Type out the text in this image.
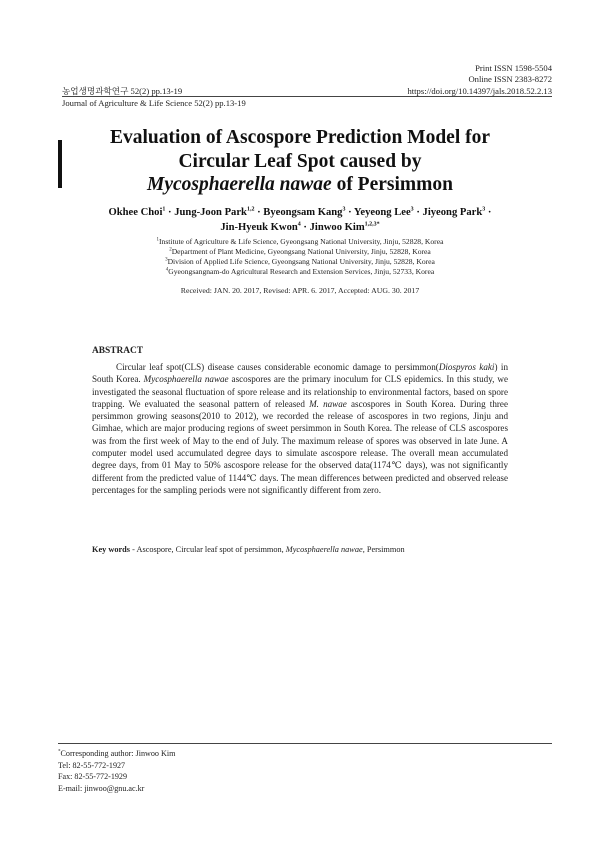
Print ISSN 1598-5504
Online ISSN 2383-8272
농업생명과학연구 52(2) pp.13-19	https://doi.org/10.14397/jals.2018.52.2.13
Journal of Agriculture & Life Science 52(2) pp.13-19
Evaluation of Ascospore Prediction Model for
Circular Leaf Spot caused by
Mycosphaerella nawae of Persimmon
Okhee Choi$^1$ · Jung-Joon Park$^{1,2}$ · Byeongsam Kang$^3$ · Yeyeong Lee$^3$ · Jiyeong Park$^3$ ·
Jin-Hyeuk Kwon$^4$ · Jinwoo Kim$^{1,2,3*}$
$^1$Institute of Agriculture & Life Science, Gyeongsang National University, Jinju, 52828, Korea
$^2$Department of Plant Medicine, Gyeongsang National University, Jinju, 52828, Korea
$^3$Division of Applied Life Science, Gyeongsang National University, Jinju, 52828, Korea
$^4$Gyeongsangnam-do Agricultural Research and Extension Services, Jinju, 52733, Korea
Received: JAN. 20. 2017, Revised: APR. 6. 2017, Accepted: AUG. 30. 2017
ABSTRACT
Circular leaf spot(CLS) disease causes considerable economic damage to persimmon(Diospyros kaki) in South Korea. Mycosphaerella nawae ascospores are the primary inoculum for CLS epidemics. In this study, we investigated the seasonal fluctuation of spore release and its relationship to environmental factors, based on spore trapping. We evaluated the seasonal pattern of released M. nawae ascospores in South Korea. During three persimmon growing seasons(2010 to 2012), we recorded the release of ascospores in two regions, Jinju and Gimhae, which are major producing regions of sweet persimmon in South Korea. The release of CLS ascospores was from the first week of May to the end of July. The maximum release of spores was observed in late June. A computer model used accumulated degree days to simulate ascospore release. The overall mean accumulated degree days, from 01 May to 50% ascospore release for the observed data(1174℃ days), was not significantly different from the predicted value of 1144℃ days. The mean differences between predicted and observed release percentages for the sampling periods were not significantly different from zero.
Key words - Ascospore, Circular leaf spot of persimmon, Mycosphaerella nawae, Persimmon
*Corresponding author: Jinwoo Kim
Tel: 82-55-772-1927
Fax: 82-55-772-1929
E-mail: jinwoo@gnu.ac.kr
